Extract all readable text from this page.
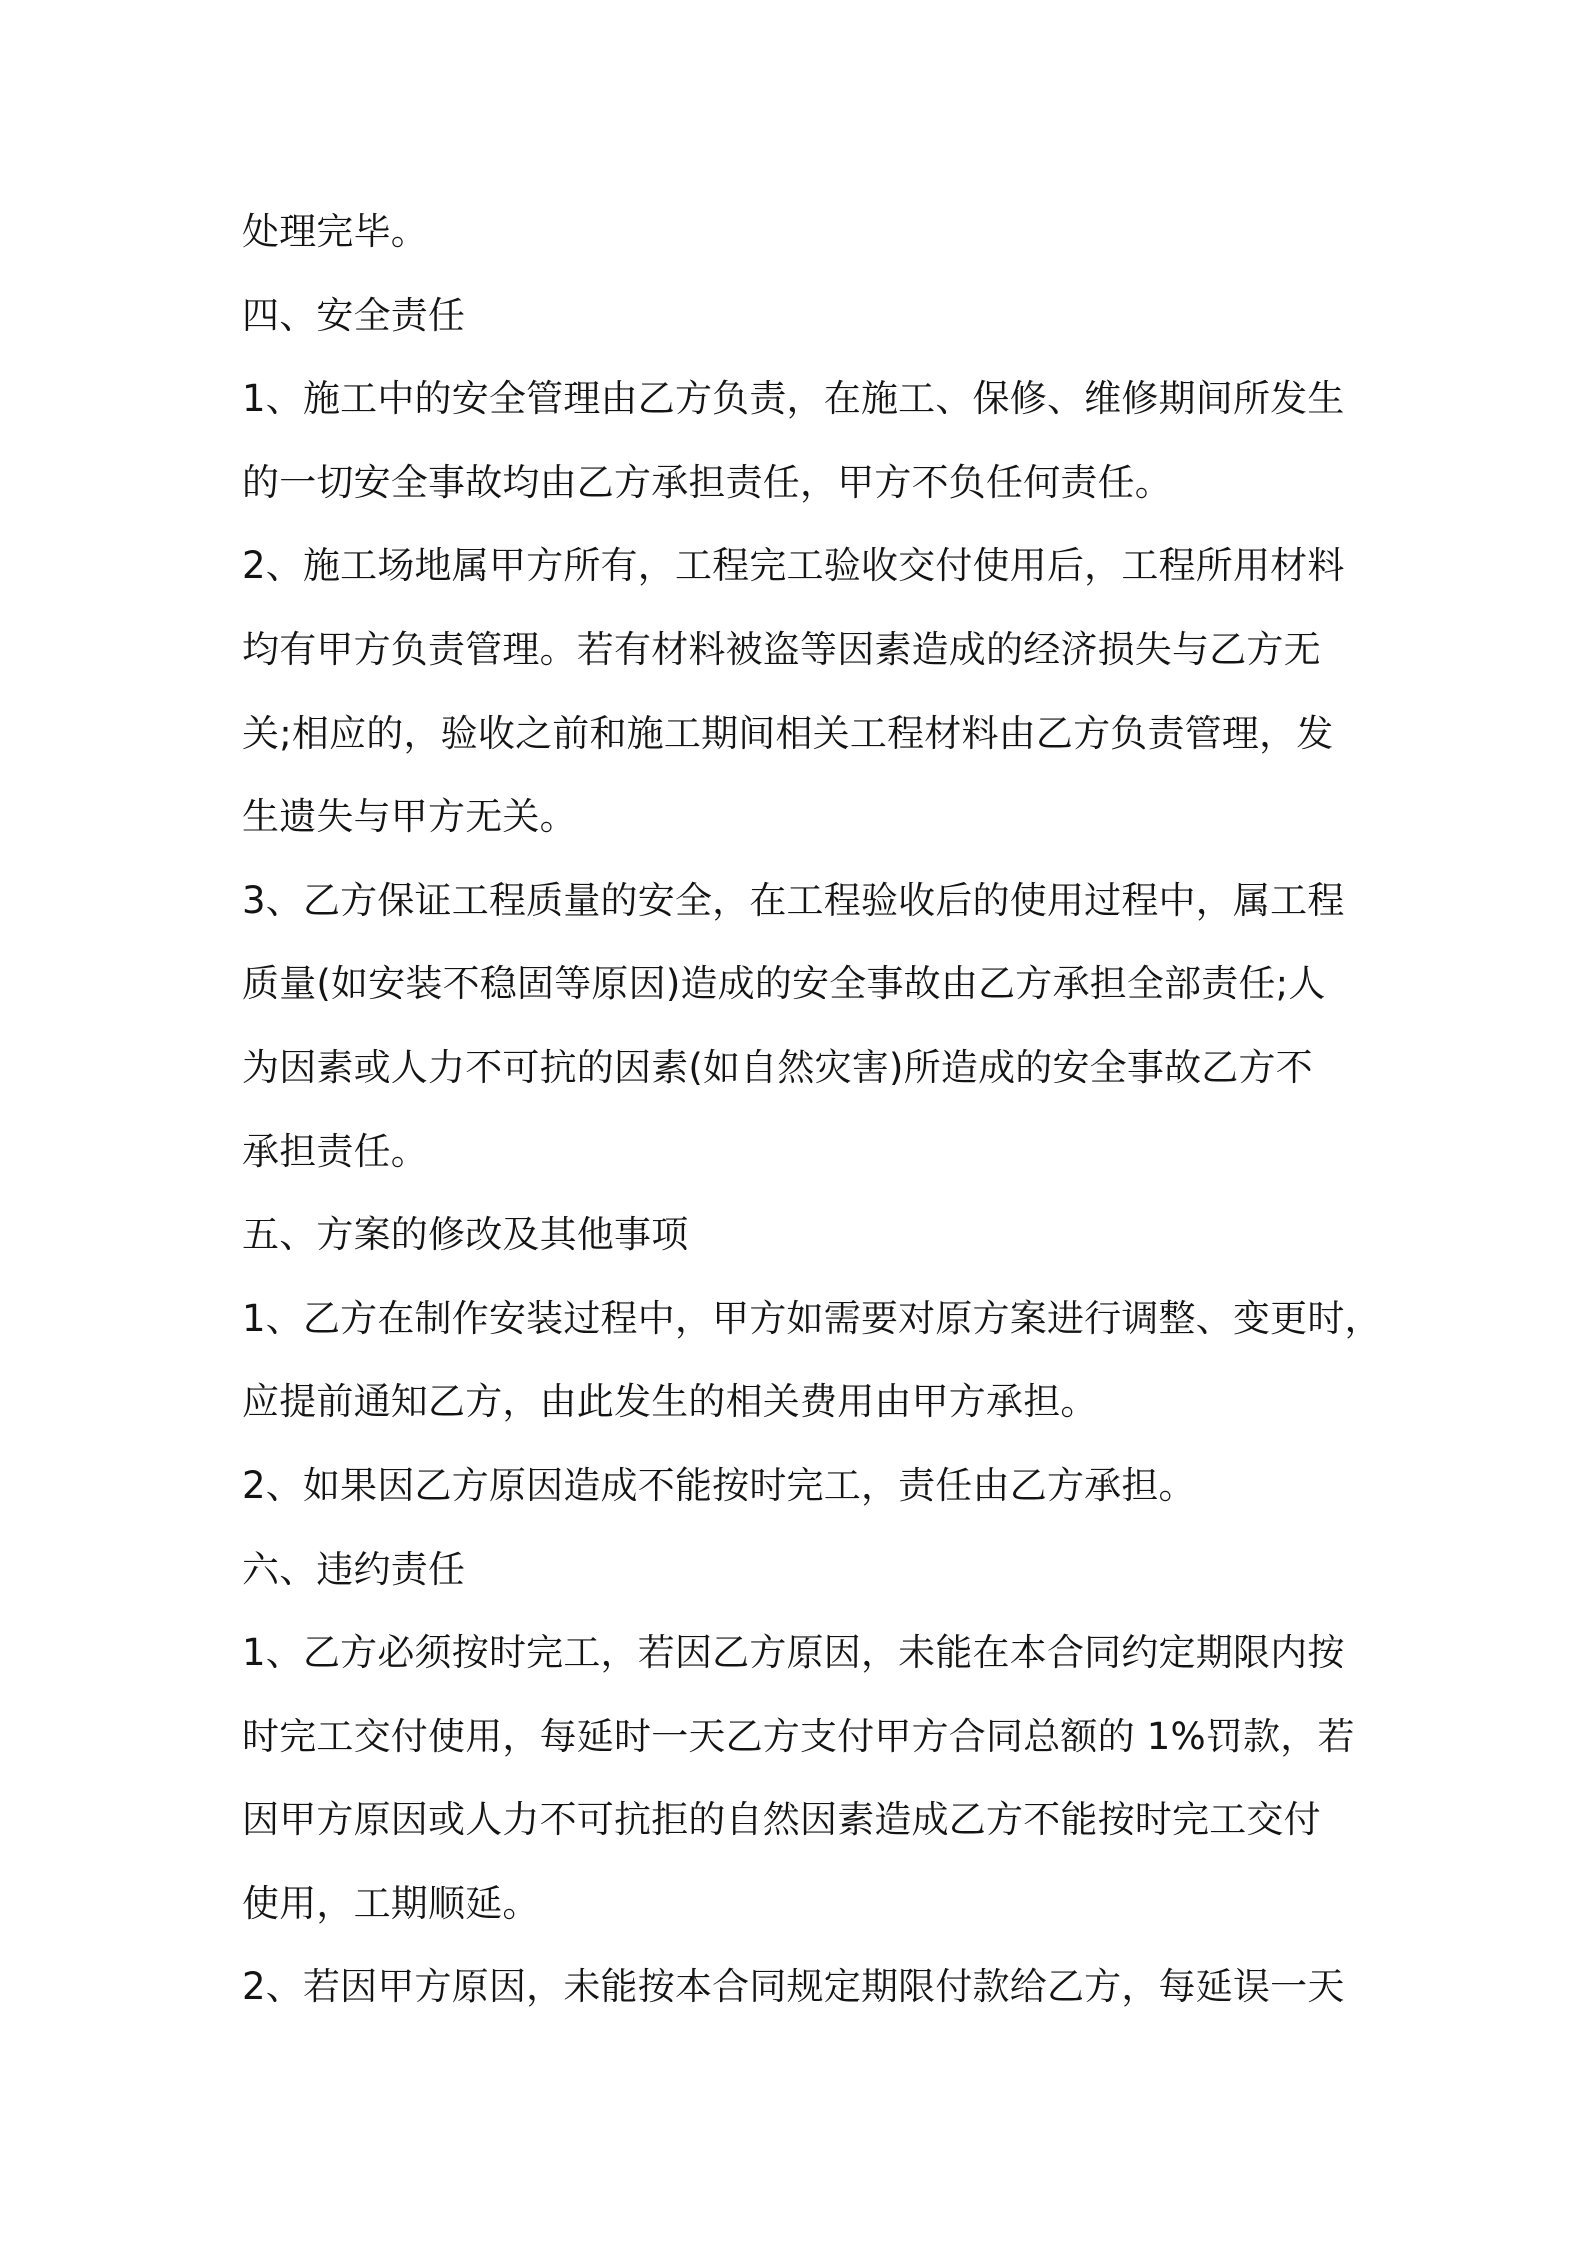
处理完毕。
四、安全责任
1、施工中的安全管理由乙方负责，在施工、保修、维修期间所发生
的一切安全事故均由乙方承担责任，甲方不负任何责任。
2、施工场地属甲方所有，工程完工验收交付使用后，工程所用材料
均有甲方负责管理。若有材料被盗等因素造成的经济损失与乙方无
关;相应的，验收之前和施工期间相关工程材料由乙方负责管理，发
生遗失与甲方无关。
3、乙方保证工程质量的安全，在工程验收后的使用过程中，属工程
质量(如安装不稳固等原因)造成的安全事故由乙方承担全部责任;人
为因素或人力不可抗的因素(如自然灾害)所造成的安全事故乙方不
承担责任。
五、方案的修改及其他事项
1、乙方在制作安装过程中，甲方如需要对原方案进行调整、变更时，
应提前通知乙方，由此发生的相关费用由甲方承担。
2、如果因乙方原因造成不能按时完工，责任由乙方承担。
六、违约责任
1、乙方必须按时完工，若因乙方原因，未能在本合同约定期限内按
时完工交付使用，每延时一天乙方支付甲方合同总额的 1%罚款，若
因甲方原因或人力不可抗拒的自然因素造成乙方不能按时完工交付
使用，工期顺延。
2、若因甲方原因，未能按本合同规定期限付款给乙方，每延误一天
